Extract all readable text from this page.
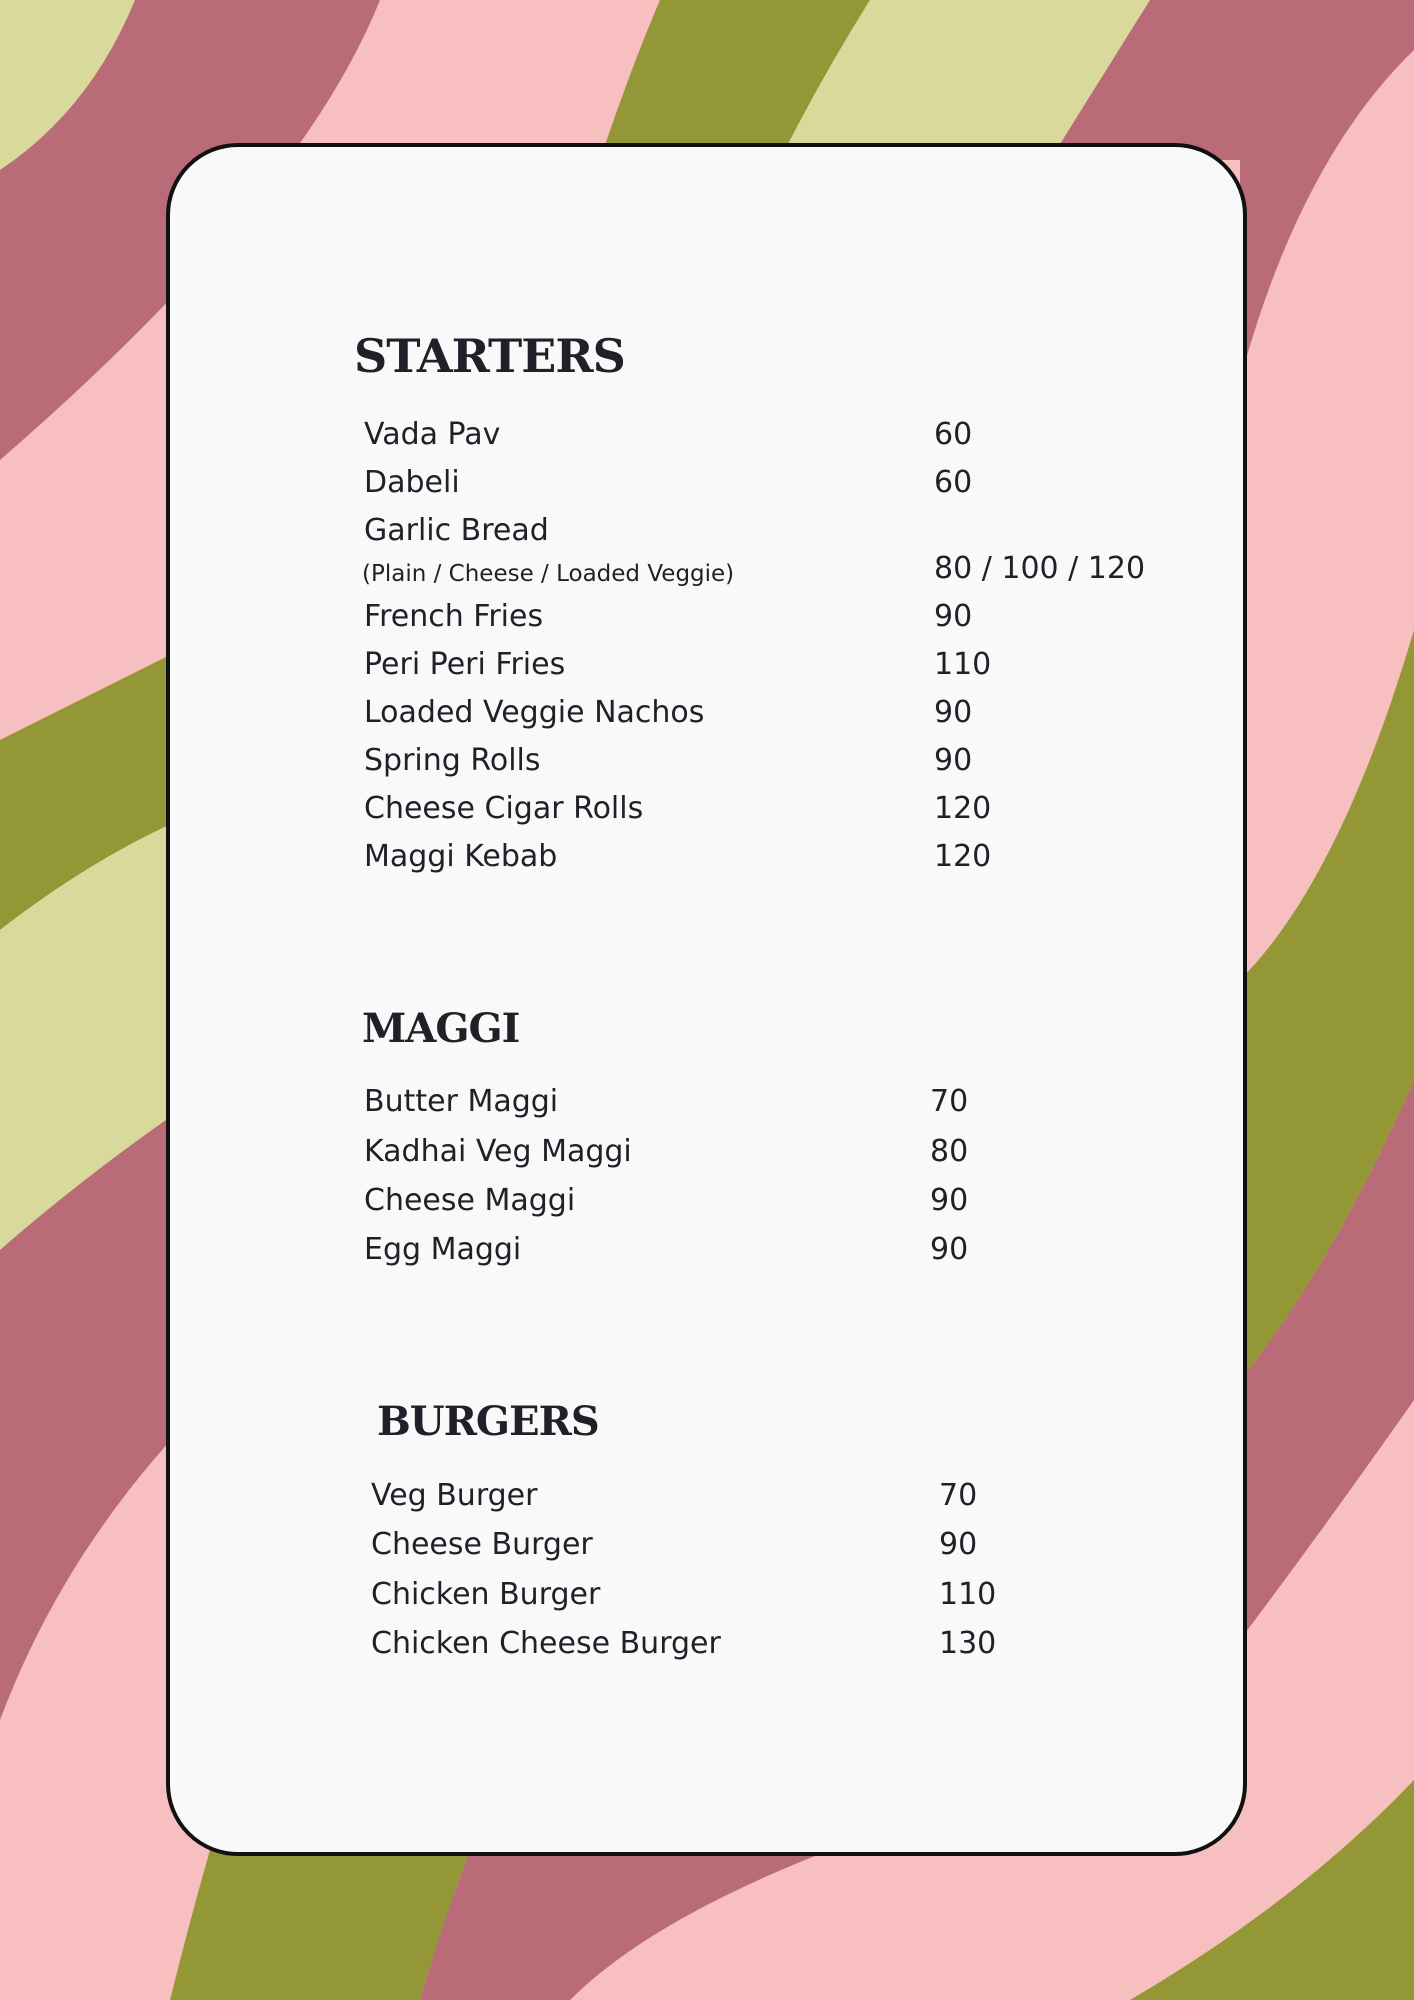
STARTERS
Vada Pav	60
Dabeli	60
Garlic Bread
(Plain / Cheese / Loaded Veggie)	80 / 100 / 120
French Fries	90
Peri Peri Fries	110
Loaded Veggie Nachos	90
Spring Rolls	90
Cheese Cigar Rolls	120
Maggi Kebab	120
MAGGI
Butter Maggi	70
Kadhai Veg Maggi	80
Cheese Maggi	90
Egg Maggi	90
BURGERS
Veg Burger	70
Cheese Burger	90
Chicken Burger	110
Chicken Cheese Burger	130
